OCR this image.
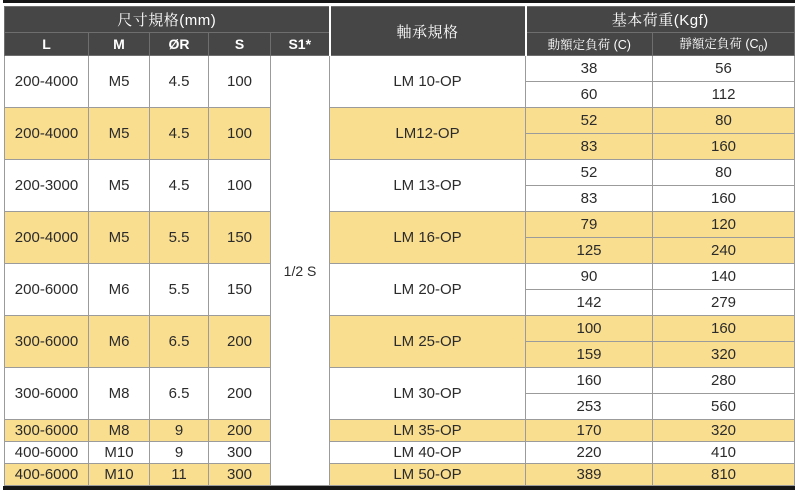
尺寸規格(mm)					軸承規格	基本荷重(Kgf)	
L	M	ØR	S	S1*		動額定負荷 (C)	靜額定負荷 $(C_0)$
200-4000	M5	4.5	100	1/2 S	LM 10-OP	38	56
						60	112
200-4000	M5	4.5	100		LM12-OP	52	80
						83	160
200-3000	M5	4.5	100		LM 13-OP	52	80
						83	160
200-4000	M5	5.5	150		LM 16-OP	79	120
						125	240
200-6000	M6	5.5	150		LM 20-OP	90	140
						142	279
300-6000	M6	6.5	200		LM 25-OP	100	160
						159	320
300-6000	M8	6.5	200		LM 30-OP	160	280
						253	560
300-6000	M8	9	200		LM 35-OP	170	320
400-6000	M10	9	300		LM 40-OP	220	410
400-6000	M10	11	300		LM 50-OP	389	810
